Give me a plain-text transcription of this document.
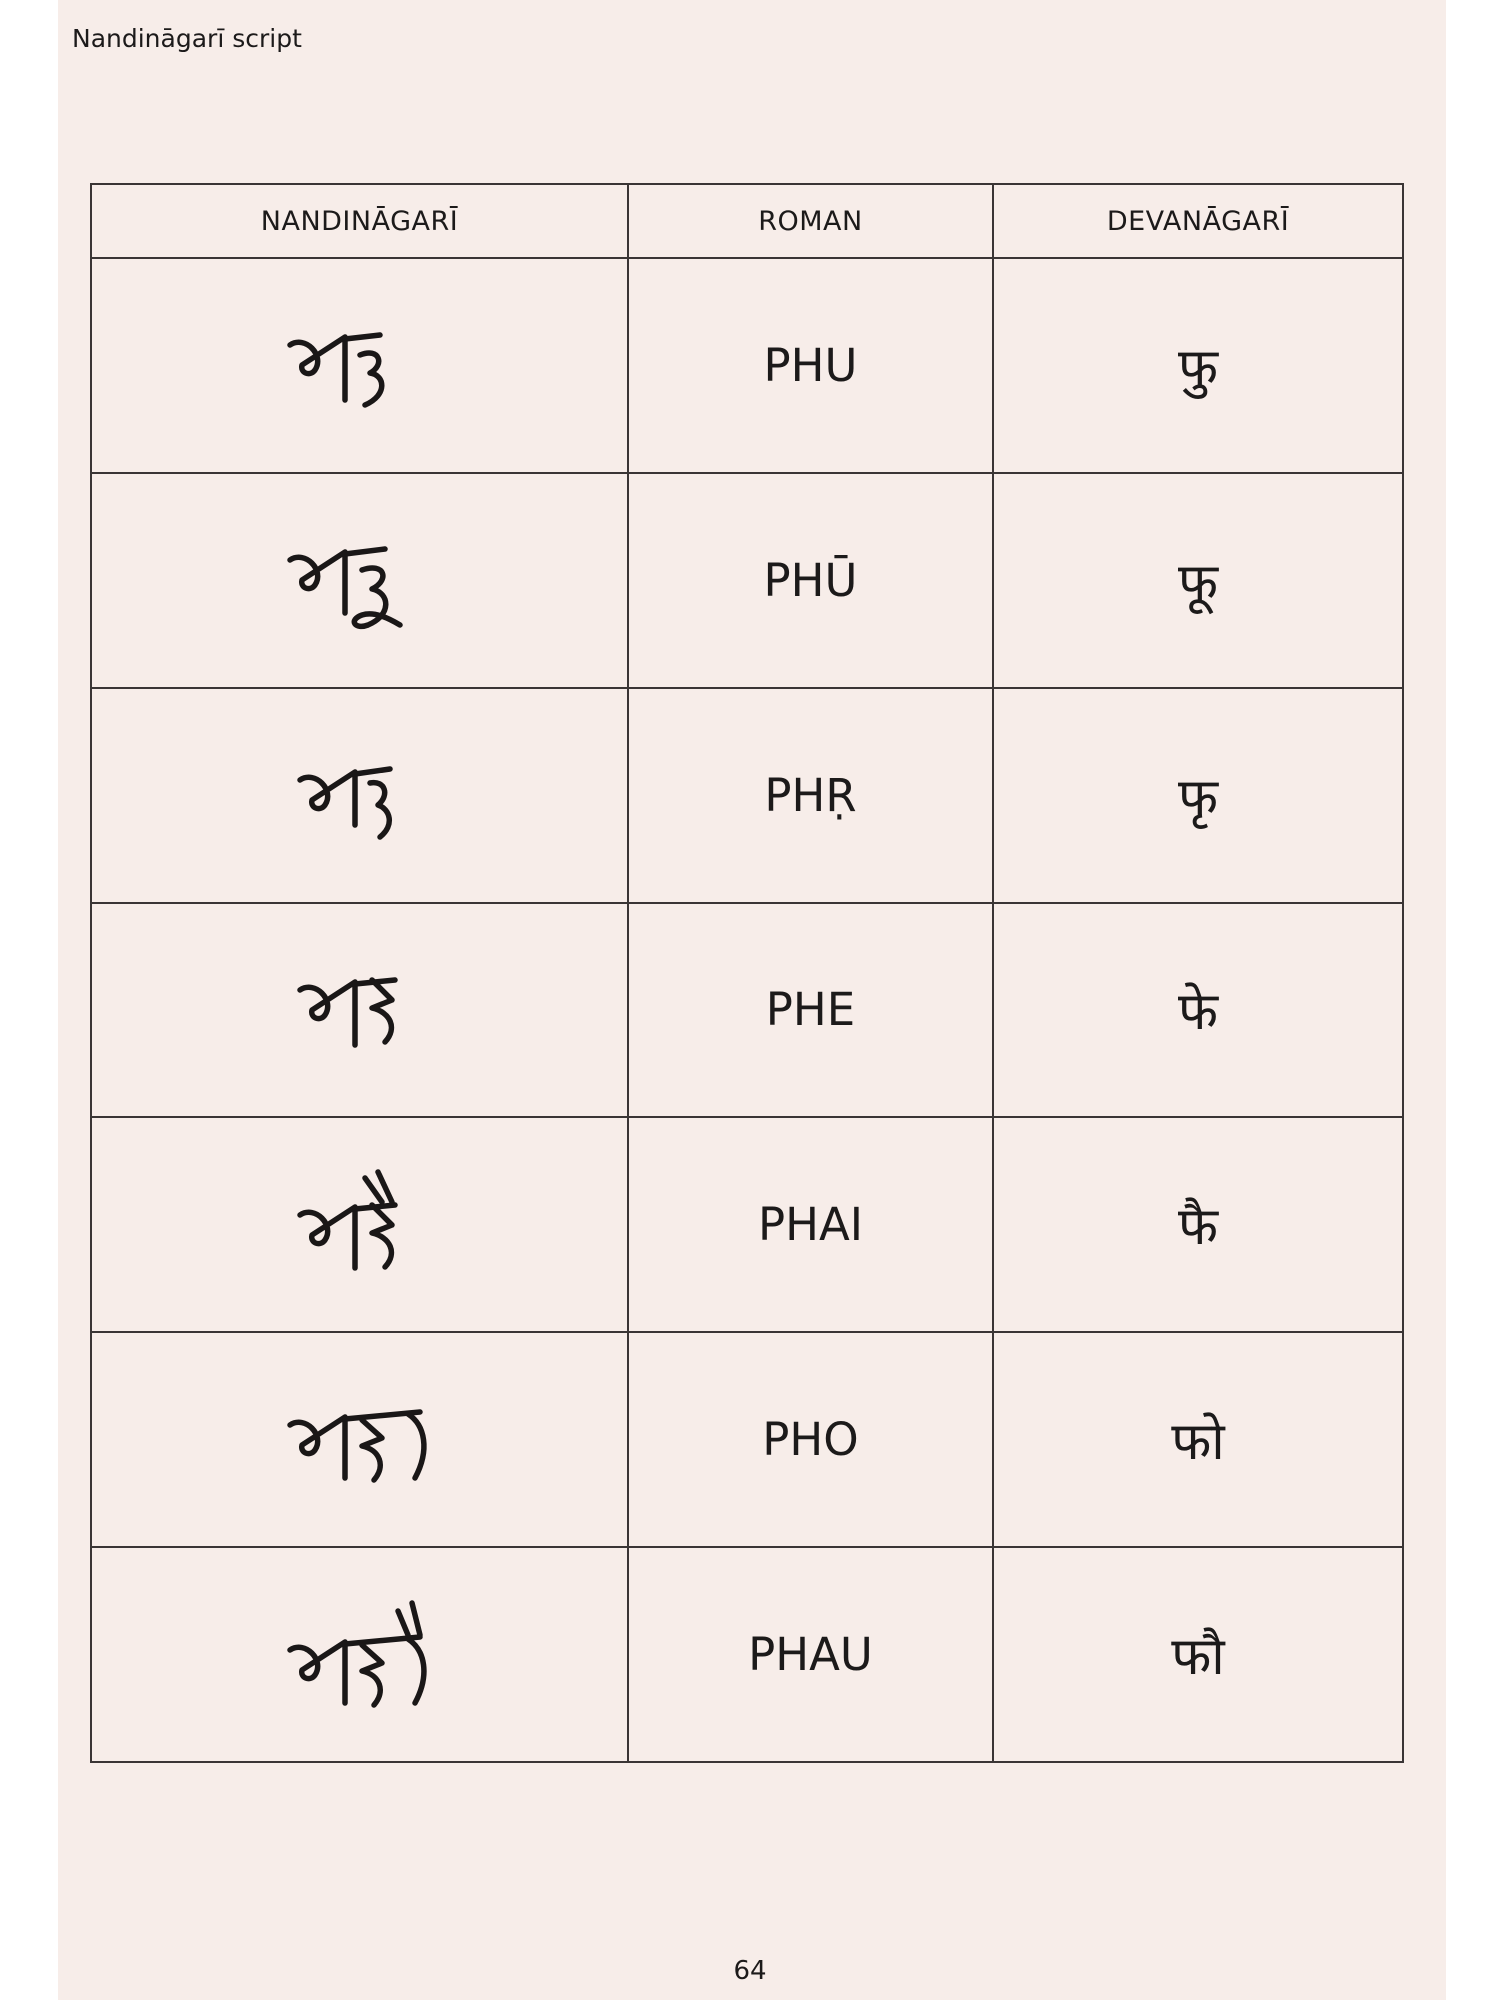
Nandināgarī script
NANDINĀGARĪ	ROMAN	DEVANĀGARĪ

	PHU	फु

	PHŪ	फू

	PHṚ	फृ

	PHE	फे

	PHAI	फै

	PHO	फो

	PHAU	फौ
64
